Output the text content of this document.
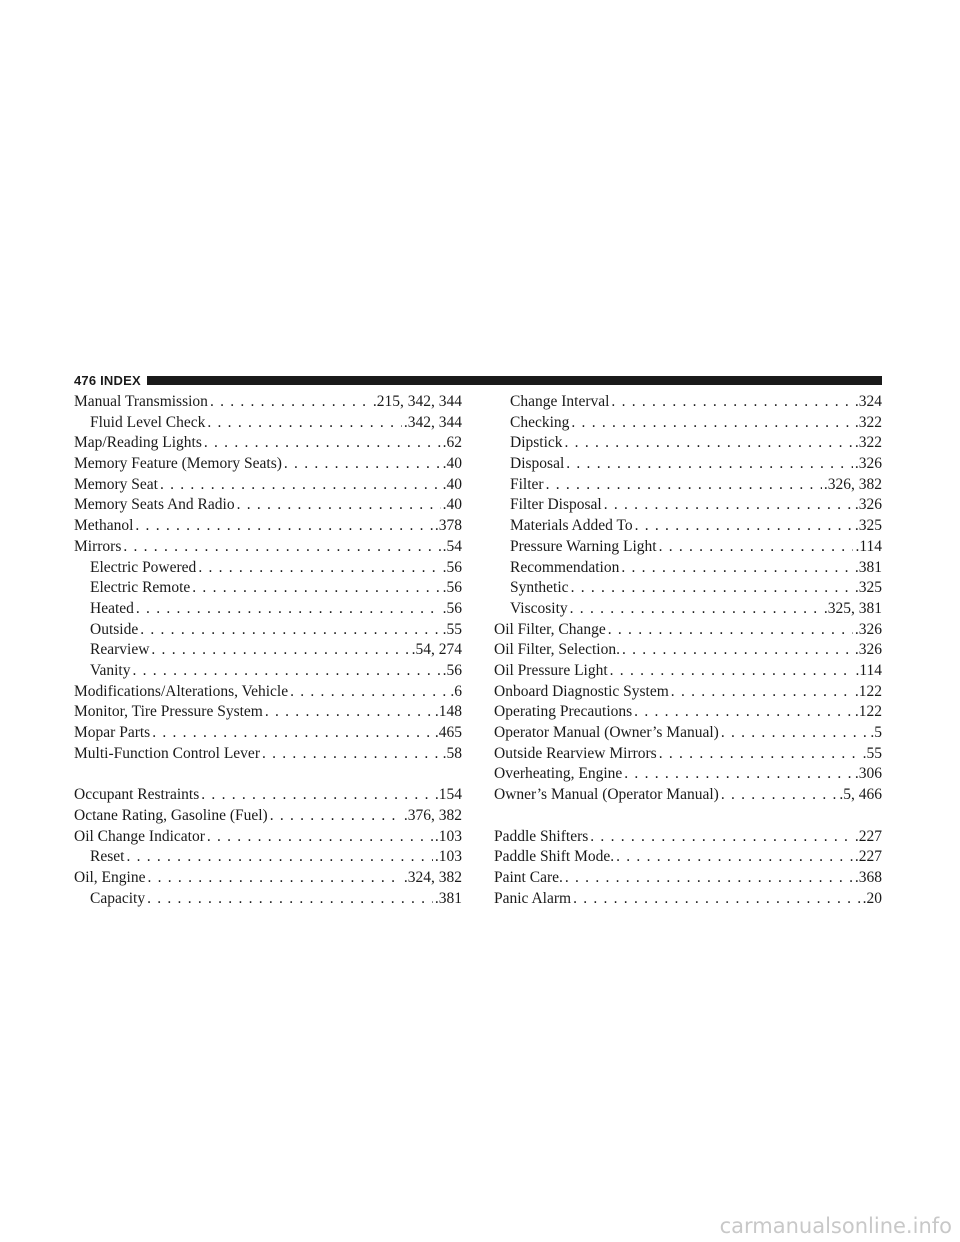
476 INDEX
Manual Transmission . . .	.215, 342, 344
Fluid Level Check . . .	.342, 344
Map/Reading Lights . . .	.62
Memory Feature (Memory Seats) . . .	.40
Memory Seat . . .	.40
Memory Seats And Radio . . .	.40
Methanol . . .	.378
Mirrors . . .	.54
Electric Powered . . .	.56
Electric Remote . . .	.56
Heated . . .	.56
Outside . . .	.55
Rearview . . .	.54, 274
Vanity . . .	.56
Modifications/Alterations, Vehicle . . .	.6
Monitor, Tire Pressure System . . .	.148
Mopar Parts . . .	.465
Multi-Function Control Lever . . .	.58
Occupant Restraints . . .	.154
Octane Rating, Gasoline (Fuel) . . .	.376, 382
Oil Change Indicator . . .	.103
Reset . . .	.103
Oil, Engine . . .	.324, 382
Capacity . . .	.381
Change Interval . . .	.324
Checking . . .	.322
Dipstick . . .	.322
Disposal . . .	.326
Filter . . .	.326, 382
Filter Disposal . . .	.326
Materials Added To . . .	.325
Pressure Warning Light . . .	.114
Recommendation . . .	.381
Synthetic . . .	.325
Viscosity . . .	.325, 381
Oil Filter, Change . . .	.326
Oil Filter, Selection. . . .	.326
Oil Pressure Light . . .	.114
Onboard Diagnostic System . . .	.122
Operating Precautions . . .	.122
Operator Manual (Owner’s Manual) . . .	.5
Outside Rearview Mirrors . . .	.55
Overheating, Engine . . .	.306
Owner’s Manual (Operator Manual) . . .	.5, 466
Paddle Shifters . . .	.227
Paddle Shift Mode. . . .	.227
Paint Care. . . .	.368
Panic Alarm . . .	.20
carmanualsonline.info
